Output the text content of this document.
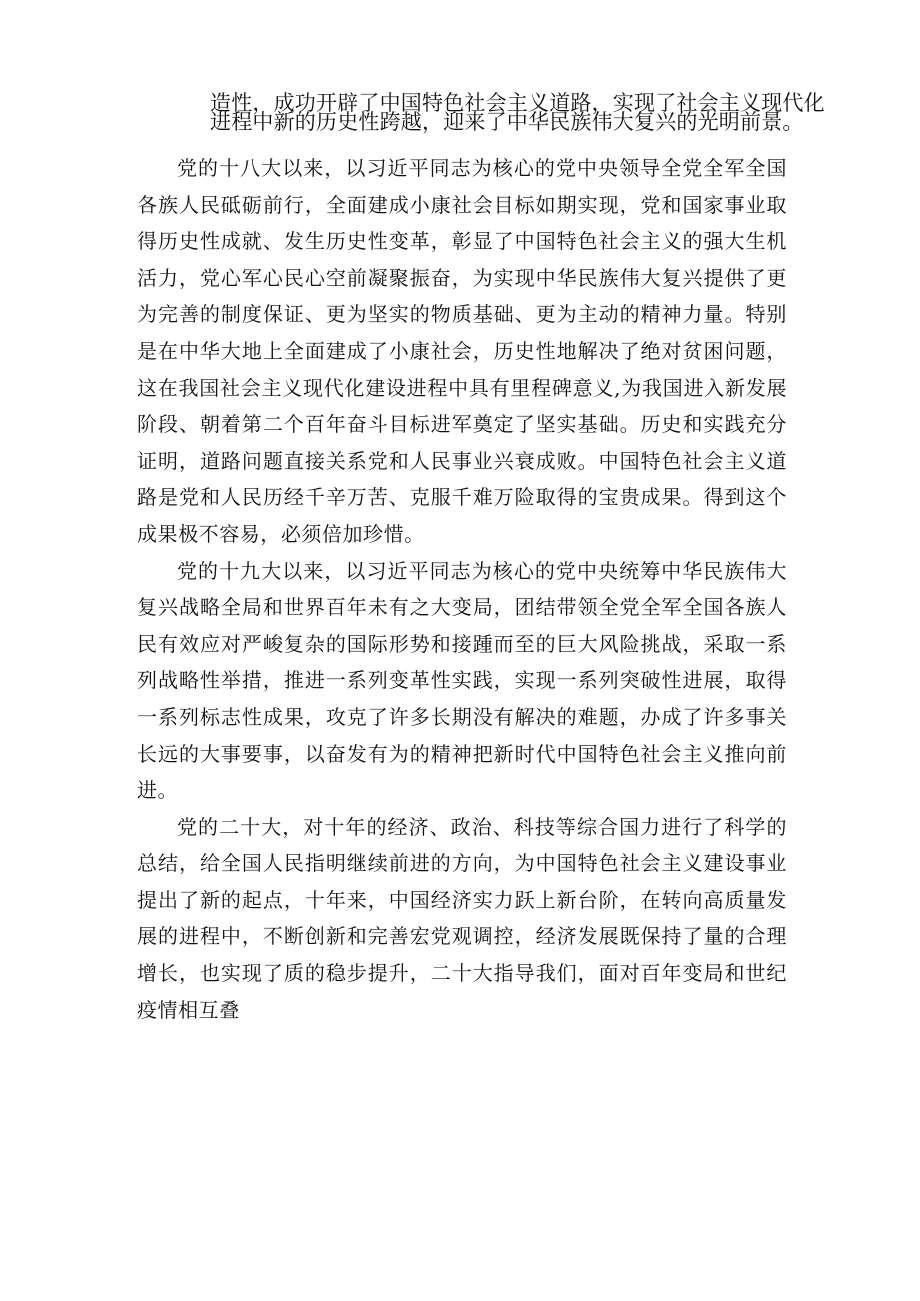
造性，成功开辟了中国特色社会主义道路，实现了社会主义现代化
进程中新的历史性跨越，迎来了中华民族伟大复兴的光明前景。

党的十八大以来，以习近平同志为核心的党中央领导全党全军全国各族人民砥砺前行，全面建成小康社会目标如期实现，党和国家事业取得历史性成就、发生历史性变革，彰显了中国特色社会主义的强大生机活力，党心军心民心空前凝聚振奋，为实现中华民族伟大复兴提供了更为完善的制度保证、更为坚实的物质基础、更为主动的精神力量。特别是在中华大地上全面建成了小康社会，历史性地解决了绝对贫困问题，这在我国社会主义现代化建设进程中具有里程碑意义,为我国进入新发展阶段、朝着第二个百年奋斗目标进军奠定了坚实基础。历史和实践充分证明，道路问题直接关系党和人民事业兴衰成败。中国特色社会主义道路是党和人民历经千辛万苦、克服千难万险取得的宝贵成果。得到这个成果极不容易，必须倍加珍惜。

党的十九大以来，以习近平同志为核心的党中央统筹中华民族伟大复兴战略全局和世界百年未有之大变局，团结带领全党全军全国各族人民有效应对严峻复杂的国际形势和接踵而至的巨大风险挑战，采取一系列战略性举措，推进一系列变革性实践，实现一系列突破性进展，取得一系列标志性成果，攻克了许多长期没有解决的难题，办成了许多事关长远的大事要事，以奋发有为的精神把新时代中国特色社会主义推向前进。

党的二十大，对十年的经济、政治、科技等综合国力进行了科学的总结，给全国人民指明继续前进的方向，为中国特色社会主义建设事业提出了新的起点，十年来，中国经济实力跃上新台阶，在转向高质量发展的进程中，不断创新和完善宏党观调控，经济发展既保持了量的合理增长，也实现了质的稳步提升，二十大指导我们，面对百年变局和世纪疫情相互叠
